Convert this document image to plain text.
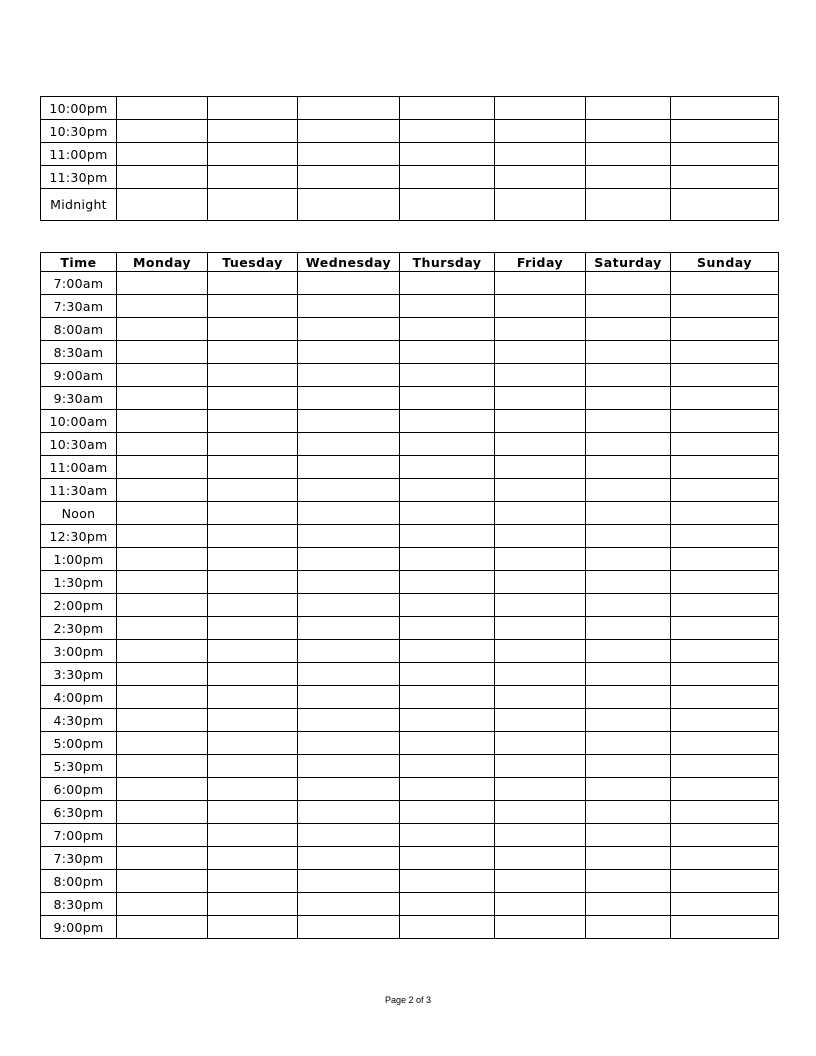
10:00pm							
10:30pm							
11:00pm							
11:30pm							
Midnight							
Time	Monday	Tuesday	Wednesday	Thursday	Friday	Saturday	Sunday
7:00am							
7:30am							
8:00am							
8:30am							
9:00am							
9:30am							
10:00am							
10:30am							
11:00am							
11:30am							
Noon							
12:30pm							
1:00pm							
1:30pm							
2:00pm							
2:30pm							
3:00pm							
3:30pm							
4:00pm							
4:30pm							
5:00pm							
5:30pm							
6:00pm							
6:30pm							
7:00pm							
7:30pm							
8:00pm							
8:30pm							
9:00pm							
Page 2 of 3
